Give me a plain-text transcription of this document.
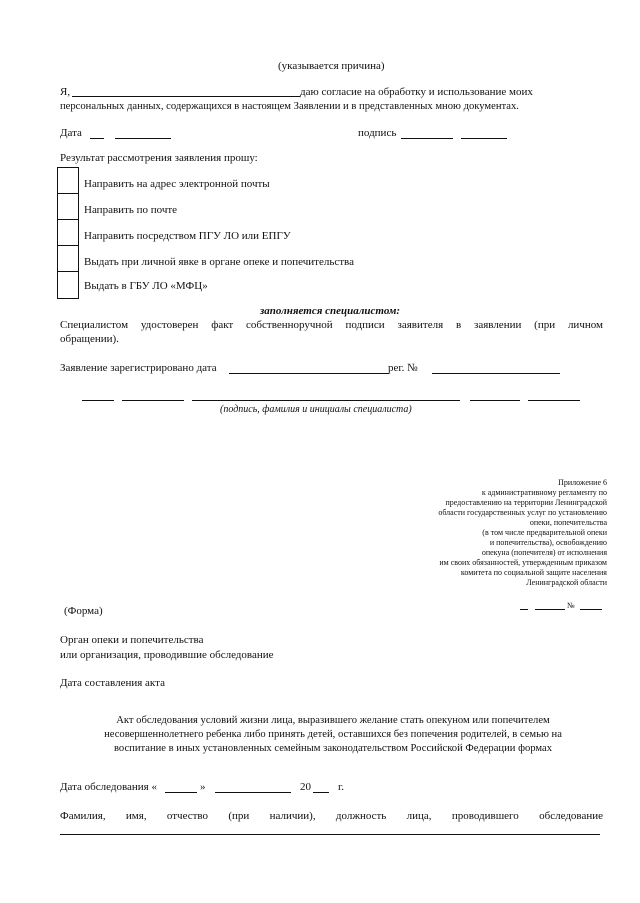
(указывается причина)
Я,	даю согласие на обработку и использование моих
персональных данных, содержащихся в настоящем Заявлении и в представленных мною документах.
Дата	подпись
Результат рассмотрения заявления прошу:
Направить на адрес электронной почты
Направить по почте
Направить посредством ПГУ ЛО или ЕПГУ
Выдать при личной явке в органе опеке и попечительства
Выдать в ГБУ ЛО «МФЦ»
заполняется специалистом:
Специалистом удостоверен факт собственноручной подписи заявителя в заявлении (при личном
обращении).
Заявление зарегистрировано дата	рег. №
(подпись, фамилия и инициалы специалиста)
Приложение 6
к административному регламенту по
предоставлению на территории Ленинградской
области государственных услуг по установлению
опеки, попечительства
(в том числе предварительной опеки
и попечительства), освобождению
опекуна (попечителя) от исполнения
им своих обязанностей, утвержденным приказом
комитета по социальной защите населения
Ленинградской области
№
(Форма)
Орган опеки и попечительства
или организация, проводившие обследование
Дата составления акта
Акт обследования условий жизни лица, выразившего желание стать опекуном или попечителем
несовершеннолетнего ребенка либо принять детей, оставшихся без попечения родителей, в семью на
воспитание в иных установленных семейным законодательством Российской Федерации формах
Дата обследования «	»	20 г.
Фамилия, имя, отчество (при наличии), должность лица, проводившего обследование
